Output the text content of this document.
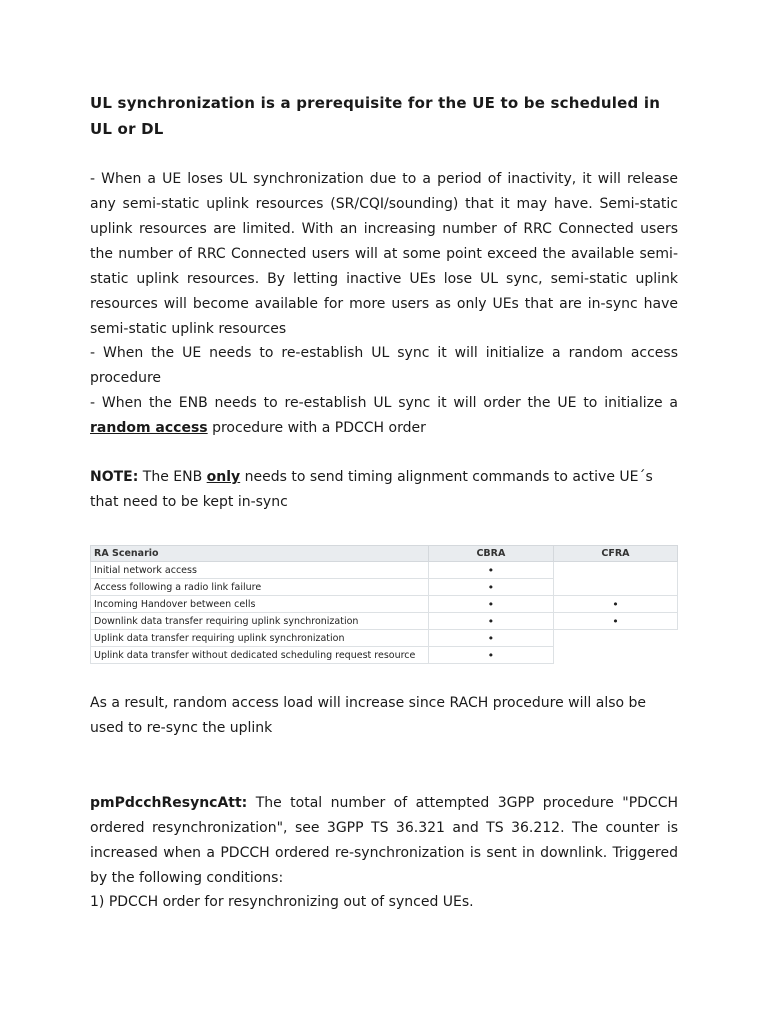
UL synchronization is a prerequisite for the UE to be scheduled in UL or DL

- When a UE loses UL synchronization due to a period of inactivity, it will release any semi-static uplink resources (SR/CQI/sounding) that it may have. Semi-static uplink resources are limited. With an increasing number of RRC Connected users the number of RRC Connected users will at some point exceed the available semi-static uplink resources. By letting inactive UEs lose UL sync, semi-static uplink resources will become available for more users as only UEs that are in-sync have semi-static uplink resources

- When the UE needs to re-establish UL sync it will initialize a random access procedure

- When the ENB needs to re-establish UL sync it will order the UE to initialize a random access procedure with a PDCCH order

NOTE: The ENB only needs to send timing alignment commands to active UE´s that need to be kept in-sync

RA Scenario	CBRA	CFRA
Initial network access	•	
Access following a radio link failure	•	
Incoming Handover between cells	•	•
Downlink data transfer requiring uplink synchronization	•	•
Uplink data transfer requiring uplink synchronization	•	
Uplink data transfer without dedicated scheduling request resource	•	

As a result, random access load will increase since RACH procedure will also be used to re-sync the uplink

pmPdcchResyncAtt: The total number of attempted 3GPP procedure "PDCCH ordered resynchronization", see 3GPP TS 36.321 and TS 36.212. The counter is increased when a PDCCH ordered re-synchronization is sent in downlink. Triggered by the following conditions:

1) PDCCH order for resynchronizing out of synced UEs.
